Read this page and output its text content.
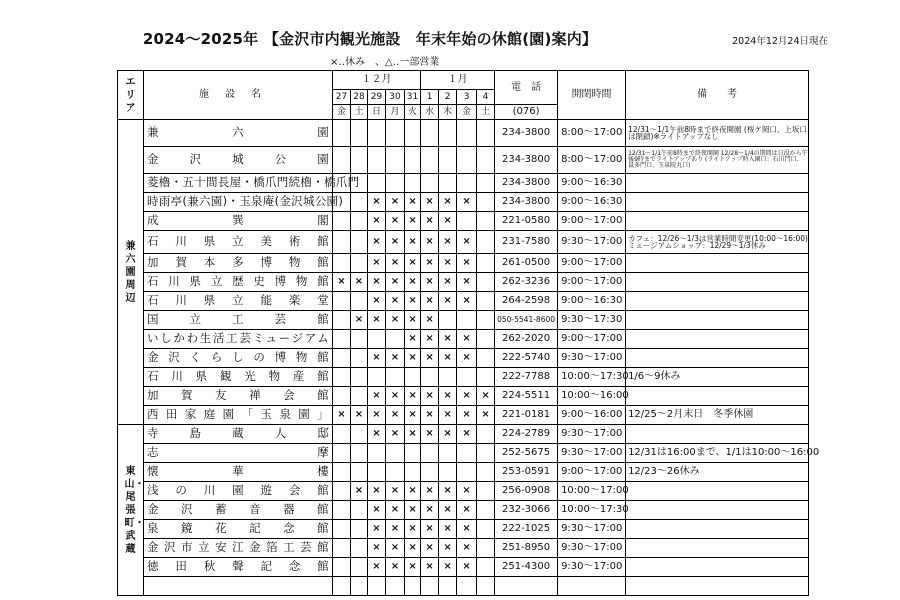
2024～2025年 【金沢市内観光施設　年末年始の休館(園)案内】	2024年12月24日現在
×‥休み　、△‥一部営業
エリア	施設名	１２月					１月				電　話	開閉時間	備　　考
		27	28	29	30	31	1	2	3	4			
		金	土	日	月	火	水	木	金	土	(076)		
兼六園周辺	兼六園										234-3800	8:00～17:00	12/31～1/1午前8時まで終夜開園 (桜ケ岡口、上坂口は閉鎖)※ライトアップなし
	金沢城公園										234-3800	8:00～17:00	12/31～1/1午前8時まで終夜開園 12/28～1/4の期間は日没から午後9時までライトアップあり (ライトアップ時入園口：石川門口、鼠多門口、玉泉院丸口)
	菱櫓・五十間長屋・橋爪門続櫓・橋爪門										234-3800	9:00～16:30	
	時雨亭(兼六園)・玉泉庵(金沢城公園)			×	×	×	×	×	×		234-3800	9:00～16:30	
	成巽閣			×	×	×	×	×			221-0580	9:00～17:00	
	石川県立美術館			×	×	×	×	×	×		231-7580	9:30～17:00	カフェ：12/26～1/3は営業時間変更(10:00～16:00)　ミュージアムショップ：12/29～1/3休み
	加賀本多博物館			×	×	×	×	×	×		261-0500	9:00～17:00	
	石川県立歴史博物館	×	×	×	×	×	×	×	×		262-3236	9:00～17:00	
	石川県立能楽堂			×	×	×	×	×	×		264-2598	9:00～16:30	
	国立工芸館		×	×	×	×	×				050-5541-8600	9:30～17:30	
	いしかわ生活工芸ミュージアム					×	×	×	×		262-2020	9:00～17:00	
	金沢くらしの博物館			×	×	×	×	×	×		222-5740	9:30～17:00	
	石川県観光物産館										222-7788	10:00～17:30	1/6～9休み
	加賀友禅会館			×	×	×	×	×	×	×	224-5511	10:00～16:00	
	西田家庭園「玉泉園」	×	×	×	×	×	×	×	×	×	221-0181	9:00～16:00	12/25～2月末日　冬季休園
東山・尾張町・武蔵	寺島蔵人邸			×	×	×	×	×	×		224-2789	9:30～17:00	
	志摩										252-5675	9:30～17:00	12/31は16:00まで、1/1は10:00～16:00
	懐華樓										253-0591	9:00～17:00	12/23～26休み
	浅の川園遊会館		×	×	×	×	×	×	×		256-0908	10:00～17:00	
	金沢蓄音器館			×	×	×	×	×	×		232-3066	10:00～17:30	
	泉鏡花記念館			×	×	×	×	×	×		222-1025	9:30～17:00	
	金沢市立安江金箔工芸館			×	×	×	×	×	×		251-8950	9:30～17:00	
	徳田秋聲記念館			×	×	×	×	×	×		251-4300	9:30～17:00	
